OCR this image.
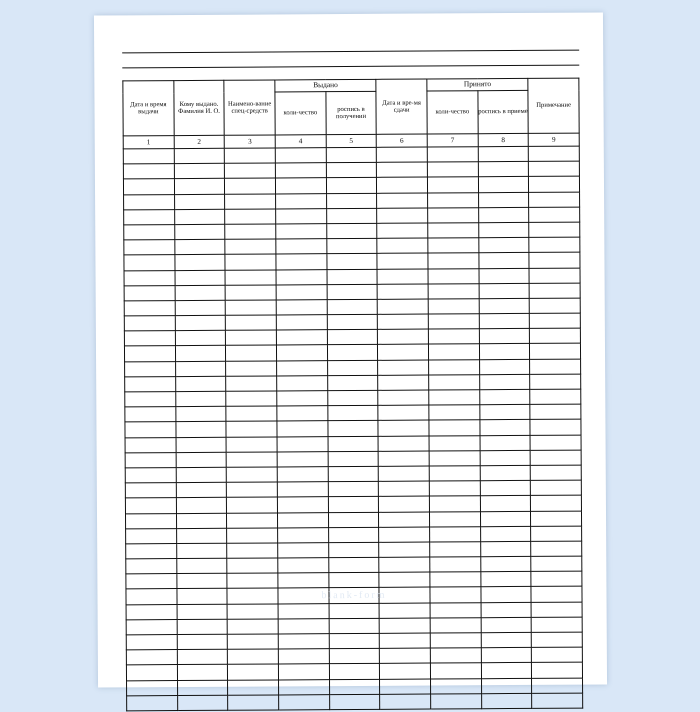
Дата и время выдачи	Кому выдано. Фамилия И. О.	Наимено-вание спец-средств	Выдано		Дата и вре-мя сдачи	Принято		Примечание
			коли-чество	роспись в получении		коли-чество	роспись в приеме	
1	2	3	4	5	6	7	8	9

blank-form
